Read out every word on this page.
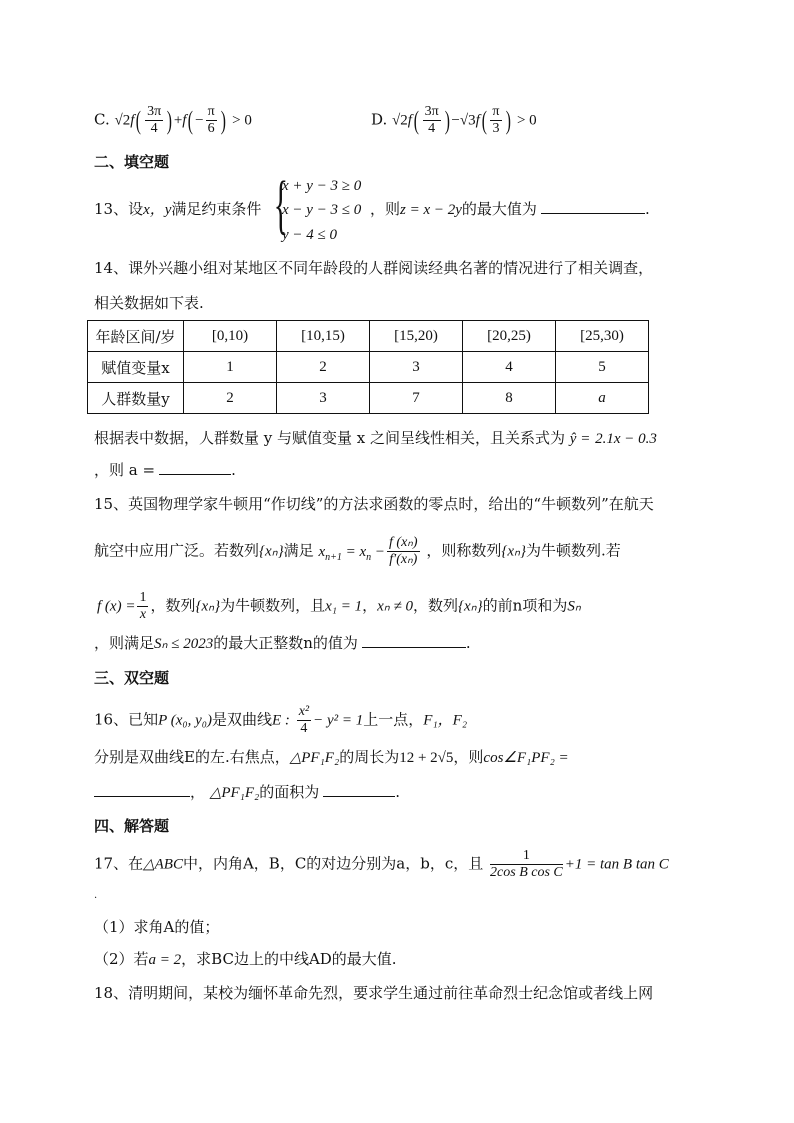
C. $√2f( \frac{3\pi}{4}$ ) $+f( - \frac{\pi}{6}$ ) > 0	D. $√2f( \frac{3\pi}{4}$ ) $-√3f( \frac{\pi}{3}$ ) > 0
二、填空题
13、设x，y满足约束条件 {
x + y − 3 ≥ 0
x − y − 3 ≤ 0
y − 4 ≤ 0
，则z = x − 2y的最大值为	.
14、课外兴趣小组对某地区不同年龄段的人群阅读经典名著的情况进行了相关调查，
相关数据如下表.
年龄区间/岁	[0,10)	[10,15)	[15,20)	[20,25)	[25,30)
赋值变量x	1	2	3	4	5
人群数量y	2	3	7	8	a
根据表中数据，人群数量 y 与赋值变量 x 之间呈线性相关，且关系式为 ŷ = 2.1x − 0.3
，则 a =	.
15、英国物理学家牛顿用“作切线”的方法求函数的零点时，给出的“牛顿数列”在航天
航空中应用广泛。若数列{xₙ}满足 $x_{n+1} = x_n - \frac{\text{f (xₙ)}}{\text{f′(xₙ)}}$ ，则称数列{xₙ}为牛顿数列.若
f $(x) = \frac{1}{x}$ ，数列{xₙ}为牛顿数列，且x₁ = 1，xₙ ≠ 0，数列{xₙ}的前n项和为Sₙ
，则满足Sₙ ≤ 2023的最大正整数n的值为	.
三、双空题
16、已知P (x₀, y₀)是双曲线E : $\frac{\text{x²}}{4} - y^2 = 1$上一点，F₁，F₂
分别是双曲线E的左.右焦点，△PF₁F₂的周长为12 + 2√5，则cos∠F₁PF₂ =
， △PF₁F₂的面积为	.
四、解答题
17、在△ABC中，内角A，B，C的对边分别为a，b，c，且 $\frac{1}{\text{2cos B cos C}} +1 = \tan B$ tan C
.
（1）求角A的值；
（2）若a = 2，求BC边上的中线AD的最大值.
18、清明期间，某校为缅怀革命先烈，要求学生通过前往革命烈士纪念馆或者线上网
